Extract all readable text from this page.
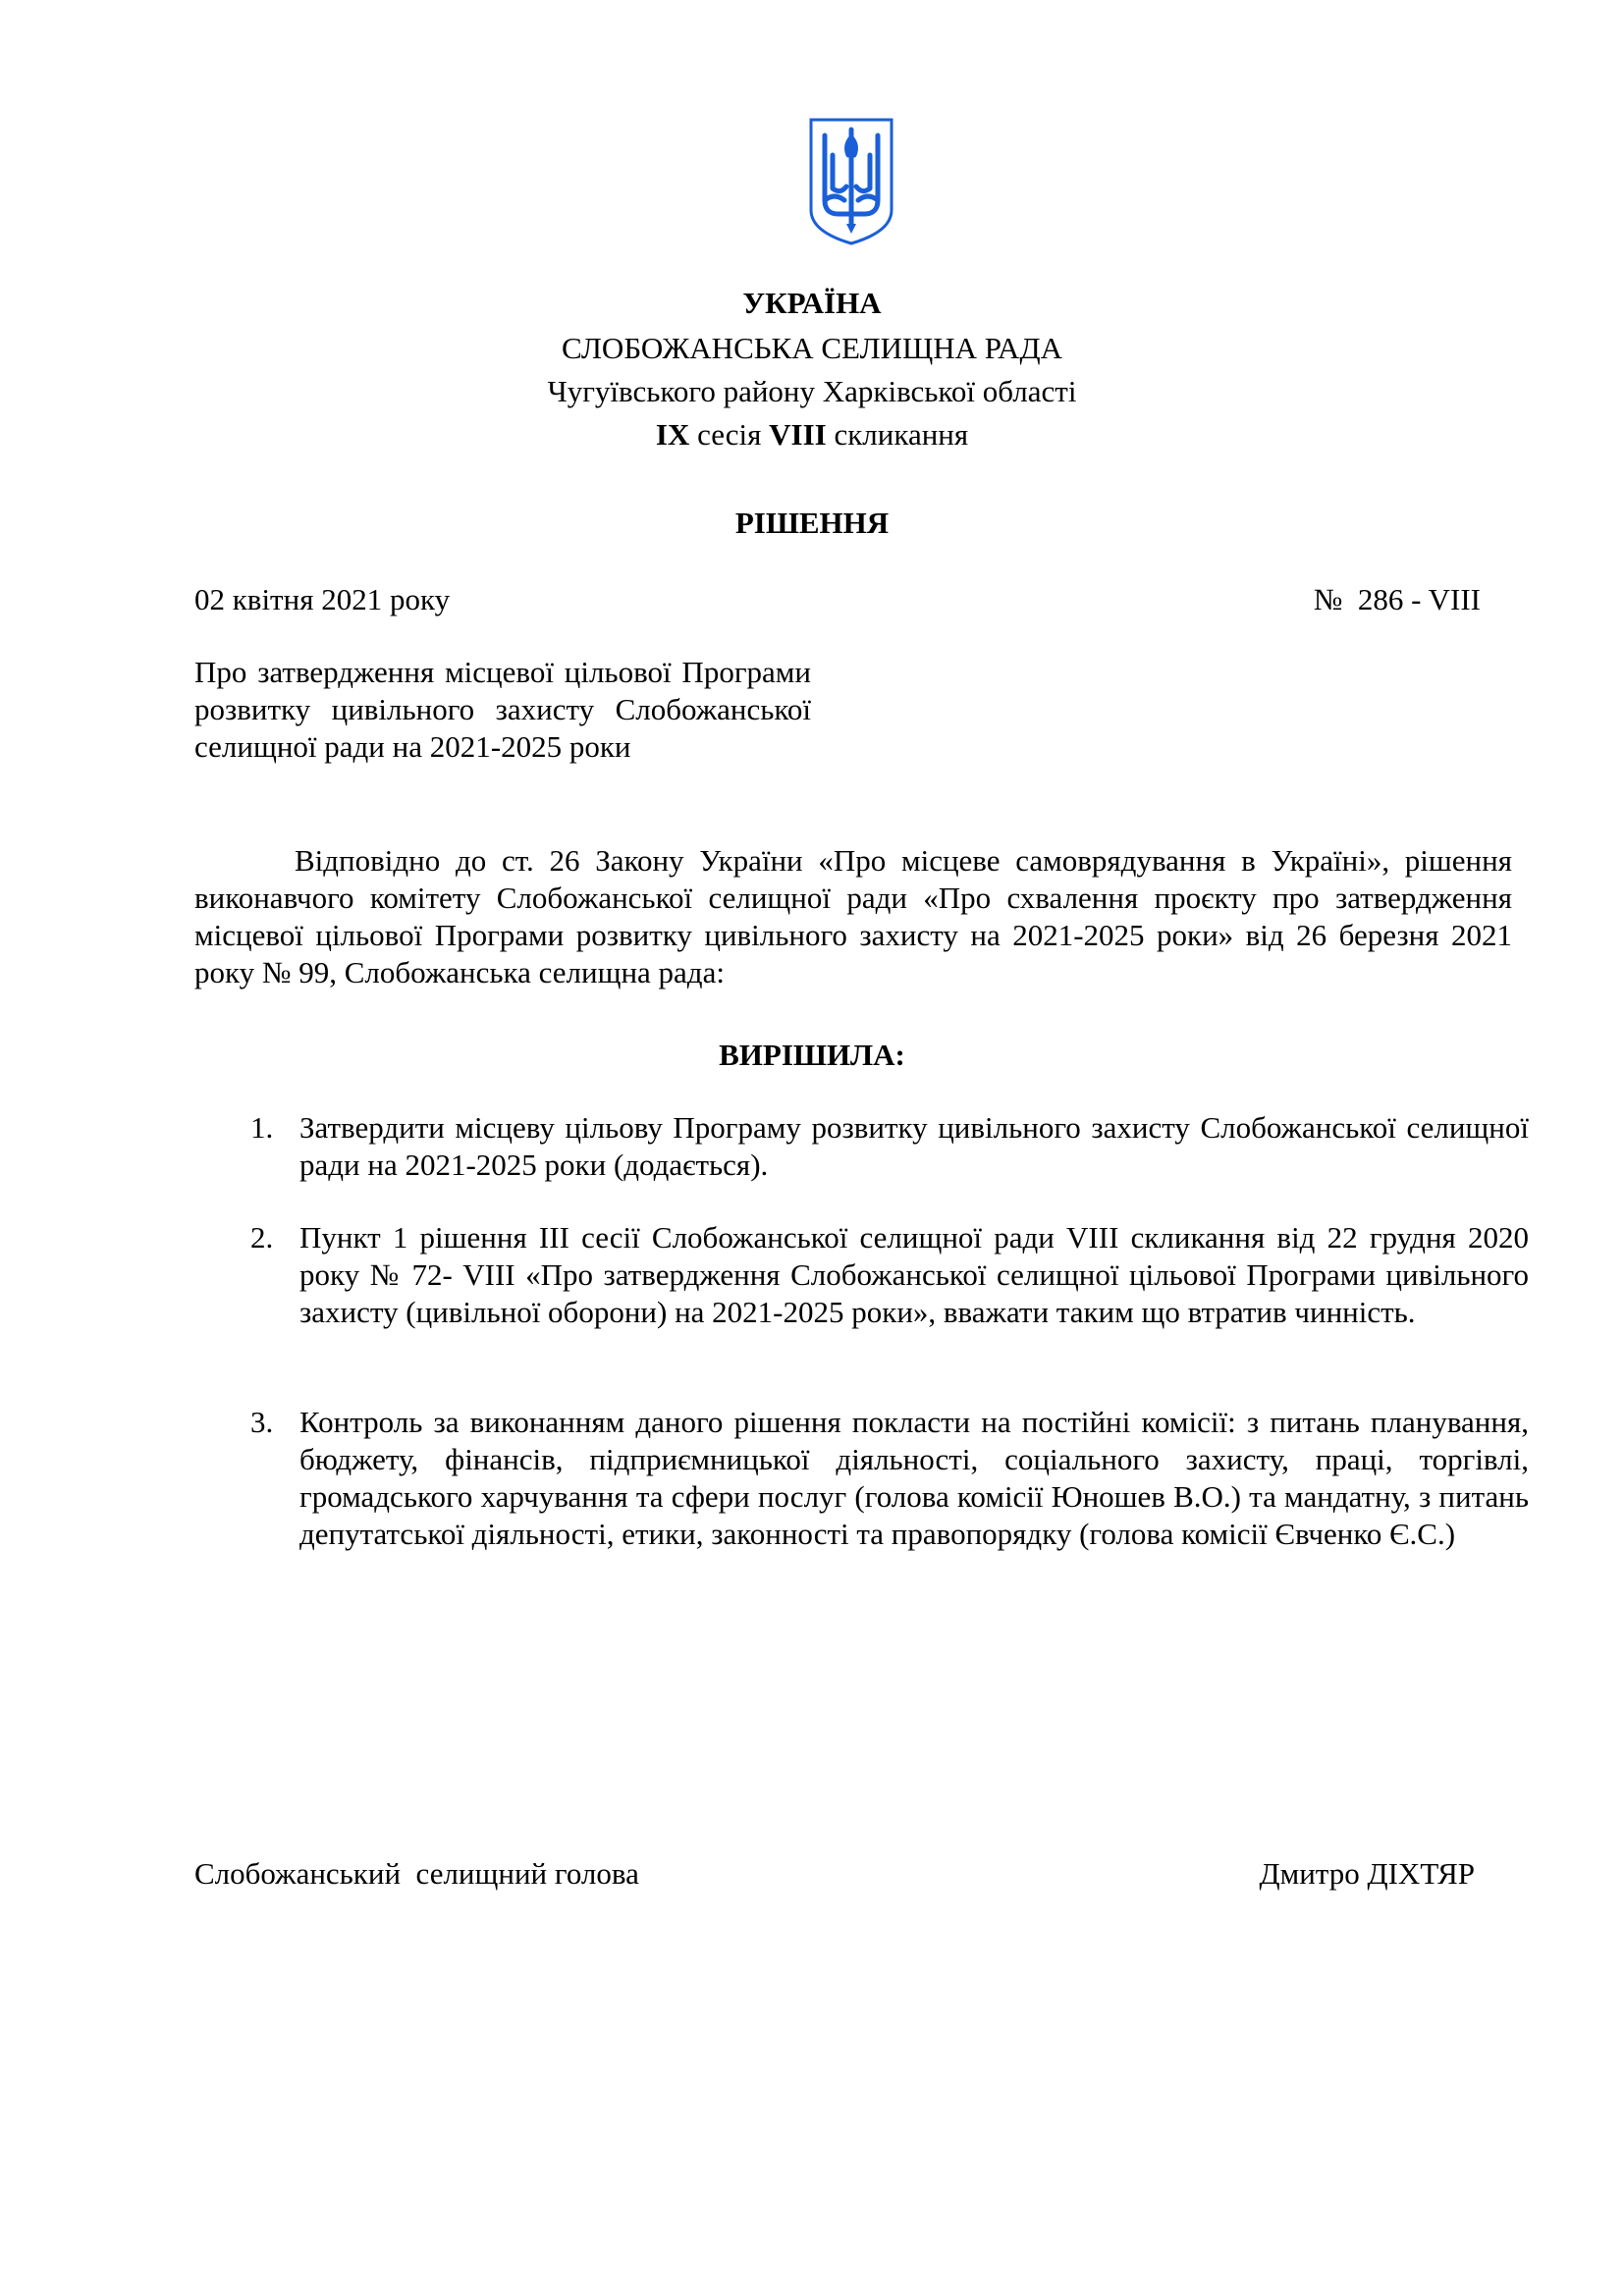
УКРАЇНА
СЛОБОЖАНСЬКА СЕЛИЩНА РАДА
Чугуївського району Харківської області
IX сесія VIII скликання
РІШЕННЯ
02 квітня 2021 року	№  286 - VIII
Про затвердження місцевої цільової Програми розвитку цивільного захисту Слобожанської селищної ради на 2021-2025 роки
Відповідно до ст. 26 Закону України «Про місцеве самоврядування в Україні», рішення виконавчого комітету Слобожанської селищної ради «Про схвалення проєкту про затвердження місцевої цільової Програми розвитку цивільного захисту на 2021-2025 роки» від 26 березня 2021 року № 99, Слобожанська селищна рада:
ВИРІШИЛА:
1. Затвердити місцеву цільову Програму розвитку цивільного захисту Слобожанської селищної ради на 2021-2025 роки (додається).
2. Пункт 1 рішення ІІІ сесії Слобожанської селищної ради VIII скликання від 22 грудня 2020 року № 72- VIII «Про затвердження Слобожанської селищної цільової Програми цивільного захисту (цивільної оборони) на 2021-2025 роки», вважати таким що втратив чинність.
3. Контроль за виконанням даного рішення покласти на постійні комісії: з питань планування, бюджету, фінансів, підприємницької діяльності, соціального захисту, праці, торгівлі, громадського харчування та сфери послуг (голова комісії Юношев В.О.) та мандатну, з питань депутатської діяльності, етики, законності та правопорядку (голова комісії Євченко Є.С.)
Слобожанський  селищний голова	Дмитро ДІХТЯР
